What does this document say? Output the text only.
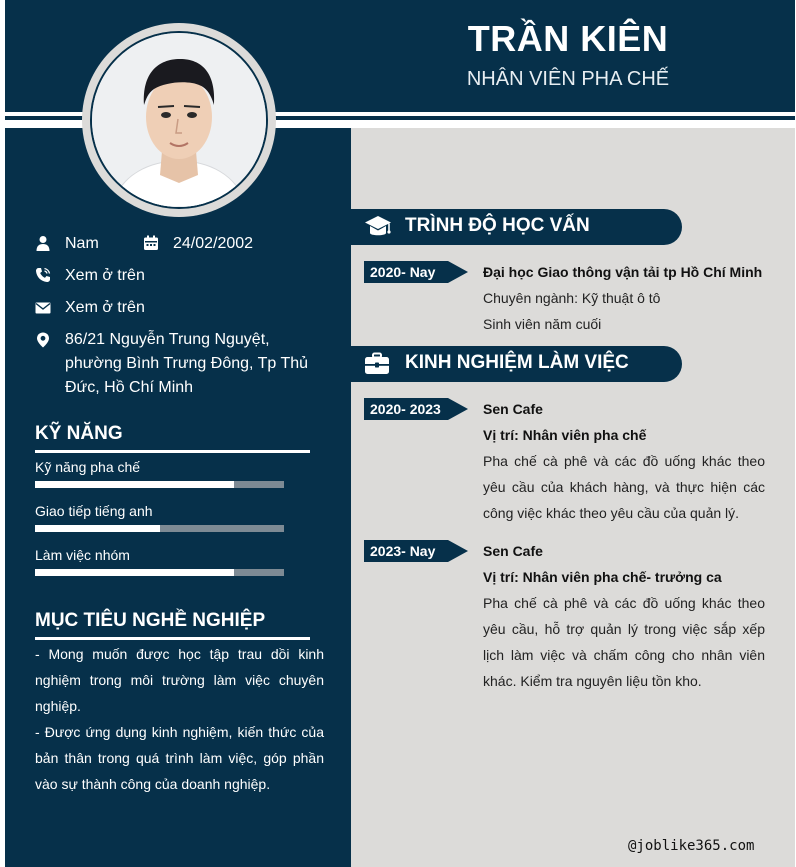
TRẦN KIÊN
NHÂN VIÊN PHA CHẾ
Nam	24/02/2002
Xem ở trên
Xem ở trên
86/21 Nguyễn Trung Nguyệt, phường Bình Trưng Đông, Tp Thủ Đức, Hồ Chí Minh
KỸ NĂNG
Kỹ năng pha chế
Giao tiếp tiếng anh
Làm việc nhóm
MỤC TIÊU NGHỀ NGHIỆP

- Mong muốn được học tập trau dồi kinh nghiệm trong môi trường làm việc chuyên nghiệp.

- Được ứng dụng kinh nghiệm, kiến thức của bản thân trong quá trình làm việc, góp phần vào sự thành công của doanh nghiệp.

TRÌNH ĐỘ HỌC VẤN
2020- Nay	Đại học Giao thông vận tải tp Hồ Chí Minh
Chuyên ngành: Kỹ thuật ô tô
Sinh viên năm cuối
KINH NGHIỆM LÀM VIỆC
2020- 2023	Sen Cafe
Vị trí: Nhân viên pha chế
Pha chế cà phê và các đồ uống khác theo yêu cầu của khách hàng, và thực hiện các công việc khác theo yêu cầu của quản lý.
2023- Nay	Sen Cafe
Vị trí: Nhân viên pha chế- trưởng ca
Pha chế cà phê và các đồ uống khác theo yêu cầu, hỗ trợ quản lý trong việc sắp xếp lịch làm việc và chấm công cho nhân viên khác. Kiểm tra nguyên liệu tồn kho.
@joblike365.com
